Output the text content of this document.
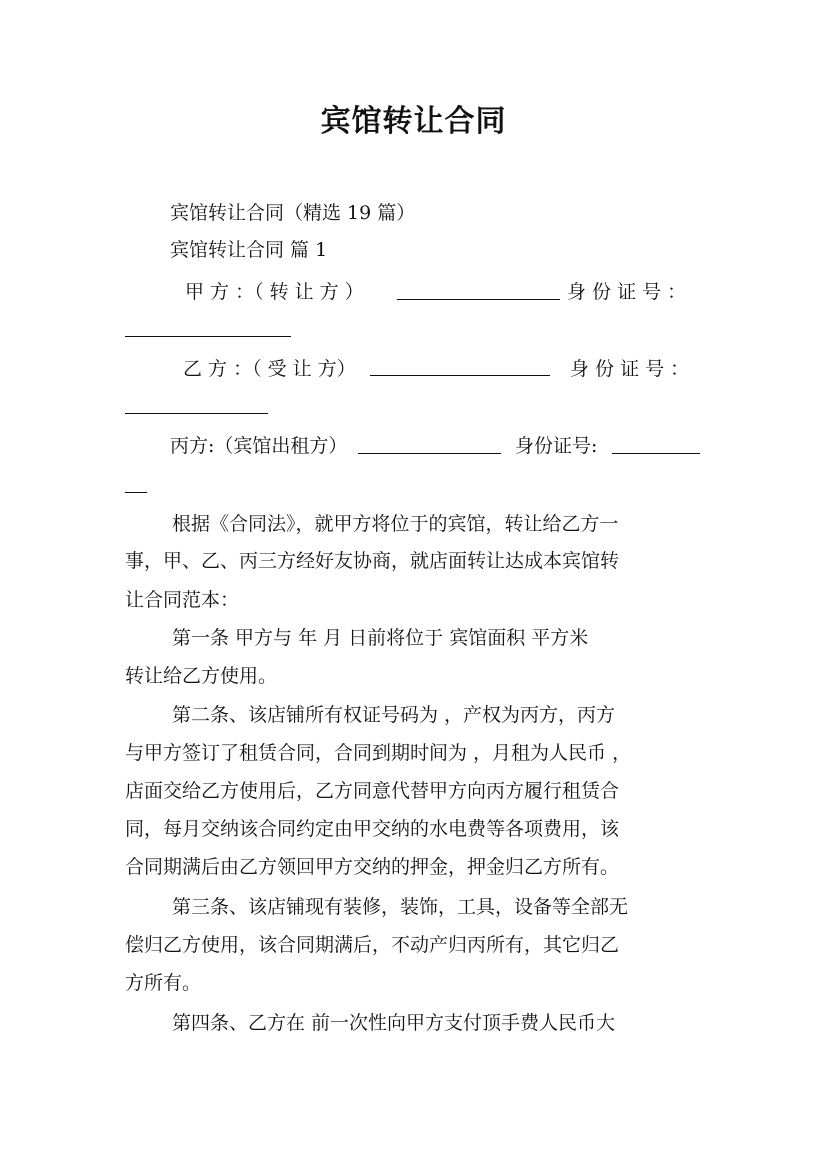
宾馆转让合同
宾馆转让合同（精选 19 篇）
宾馆转让合同 篇 1
甲 方 ：（ 转 让 方 ）	身 份 证 号 ：
乙 方 ：（ 受 让 方）	身 份 证 号 ：
丙方:（宾馆出租方）	身份证号:
根据《合同法》，就甲方将位于的宾馆，转让给乙方一
事，甲、乙、丙三方经好友协商，就店面转让达成本宾馆转
让合同范本：
第一条 甲方与 年 月 日前将位于 宾馆面积 平方米
转让给乙方使用。
第二条、该店铺所有权证号码为 ，产权为丙方，丙方
与甲方签订了租赁合同，合同到期时间为 ，月租为人民币 ，
店面交给乙方使用后，乙方同意代替甲方向丙方履行租赁合
同，每月交纳该合同约定由甲交纳的水电费等各项费用，该
合同期满后由乙方领回甲方交纳的押金，押金归乙方所有。
第三条、该店铺现有装修，装饰，工具，设备等全部无
偿归乙方使用，该合同期满后，不动产归丙所有，其它归乙
方所有。
第四条、乙方在 前一次性向甲方支付顶手费人民币大
